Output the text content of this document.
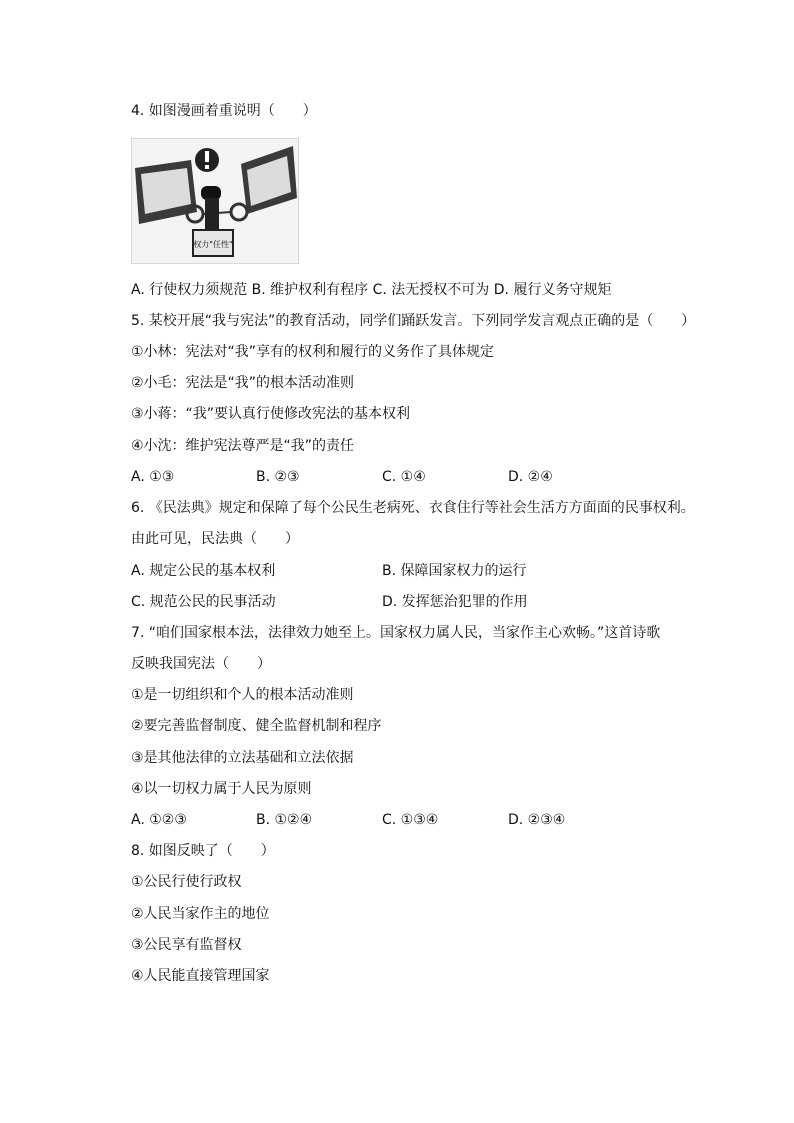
4. 如图漫画着重说明（　　）
权力"任性"
A. 行使权力须规范 B. 维护权利有程序 C. 法无授权不可为 D. 履行义务守规矩
5. 某校开展“我与宪法”的教育活动，同学们踊跃发言。下列同学发言观点正确的是（　　）
①小林：宪法对“我”享有的权利和履行的义务作了具体规定
②小毛：宪法是“我”的根本活动准则
③小蒋：“我”要认真行使修改宪法的基本权利
④小沈：维护宪法尊严是“我”的责任
A. ①③	B. ②③	C. ①④	D. ②④
6. 《民法典》规定和保障了每个公民生老病死、衣食住行等社会生活方方面面的民事权利。
由此可见，民法典（　　）
A. 规定公民的基本权利	B. 保障国家权力的运行
C. 规范公民的民事活动	D. 发挥惩治犯罪的作用
7. “咱们国家根本法，法律效力她至上。国家权力属人民，当家作主心欢畅。”这首诗歌
反映我国宪法（　　）
①是一切组织和个人的根本活动准则
②要完善监督制度、健全监督机制和程序
③是其他法律的立法基础和立法依据
④以一切权力属于人民为原则
A. ①②③	B. ①②④	C. ①③④	D. ②③④
8. 如图反映了（　　）
①公民行使行政权
②人民当家作主的地位
③公民享有监督权
④人民能直接管理国家
